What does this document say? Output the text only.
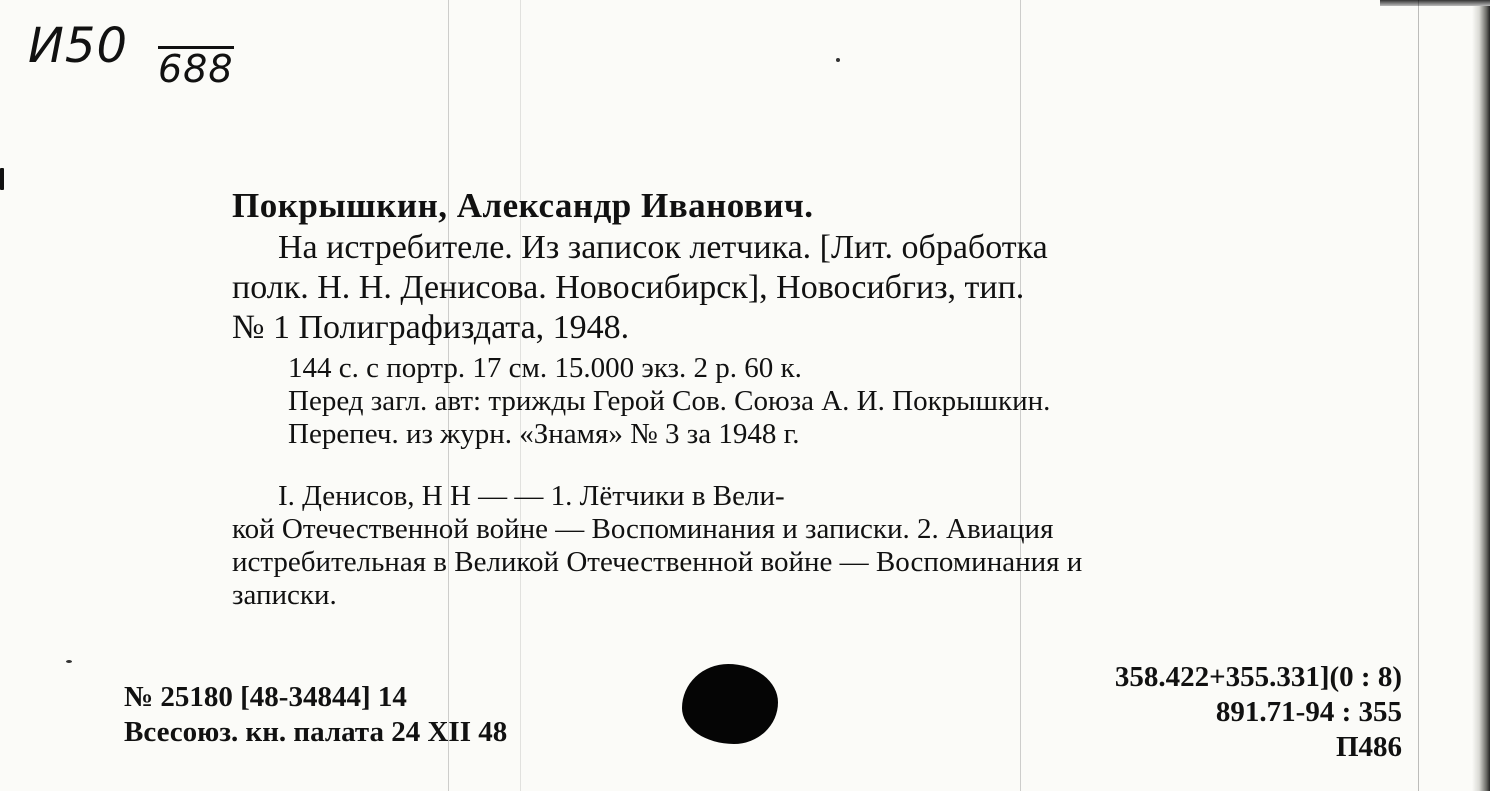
И50 688
Покрышкин, Александр Иванович.
На истребителе. Из записок летчика. [Лит. обработка
полк. Н. Н. Денисова. Новосибирск], Новосибгиз, тип.
№ 1 Полиграфиздата, 1948.
144 с. с портр. 17 см. 15.000 экз. 2 р. 60 к.
Перед загл. авт: трижды Герой Сов. Союза А. И. Покрышкин.
Перепеч. из журн. «Знамя» № 3 за 1948 г.
I. Денисов, Н Н — — 1. Лётчики в Вели-
кой Отечественной войне — Воспоминания и записки. 2. Авиация
истребительная в Великой Отечественной войне — Воспоминания и
записки.
№ 25180 [48-34844] 14
Всесоюз. кн. палата 24 XII 48
358.422+355.331](0 : 8)
891.71-94 : 355
П486
